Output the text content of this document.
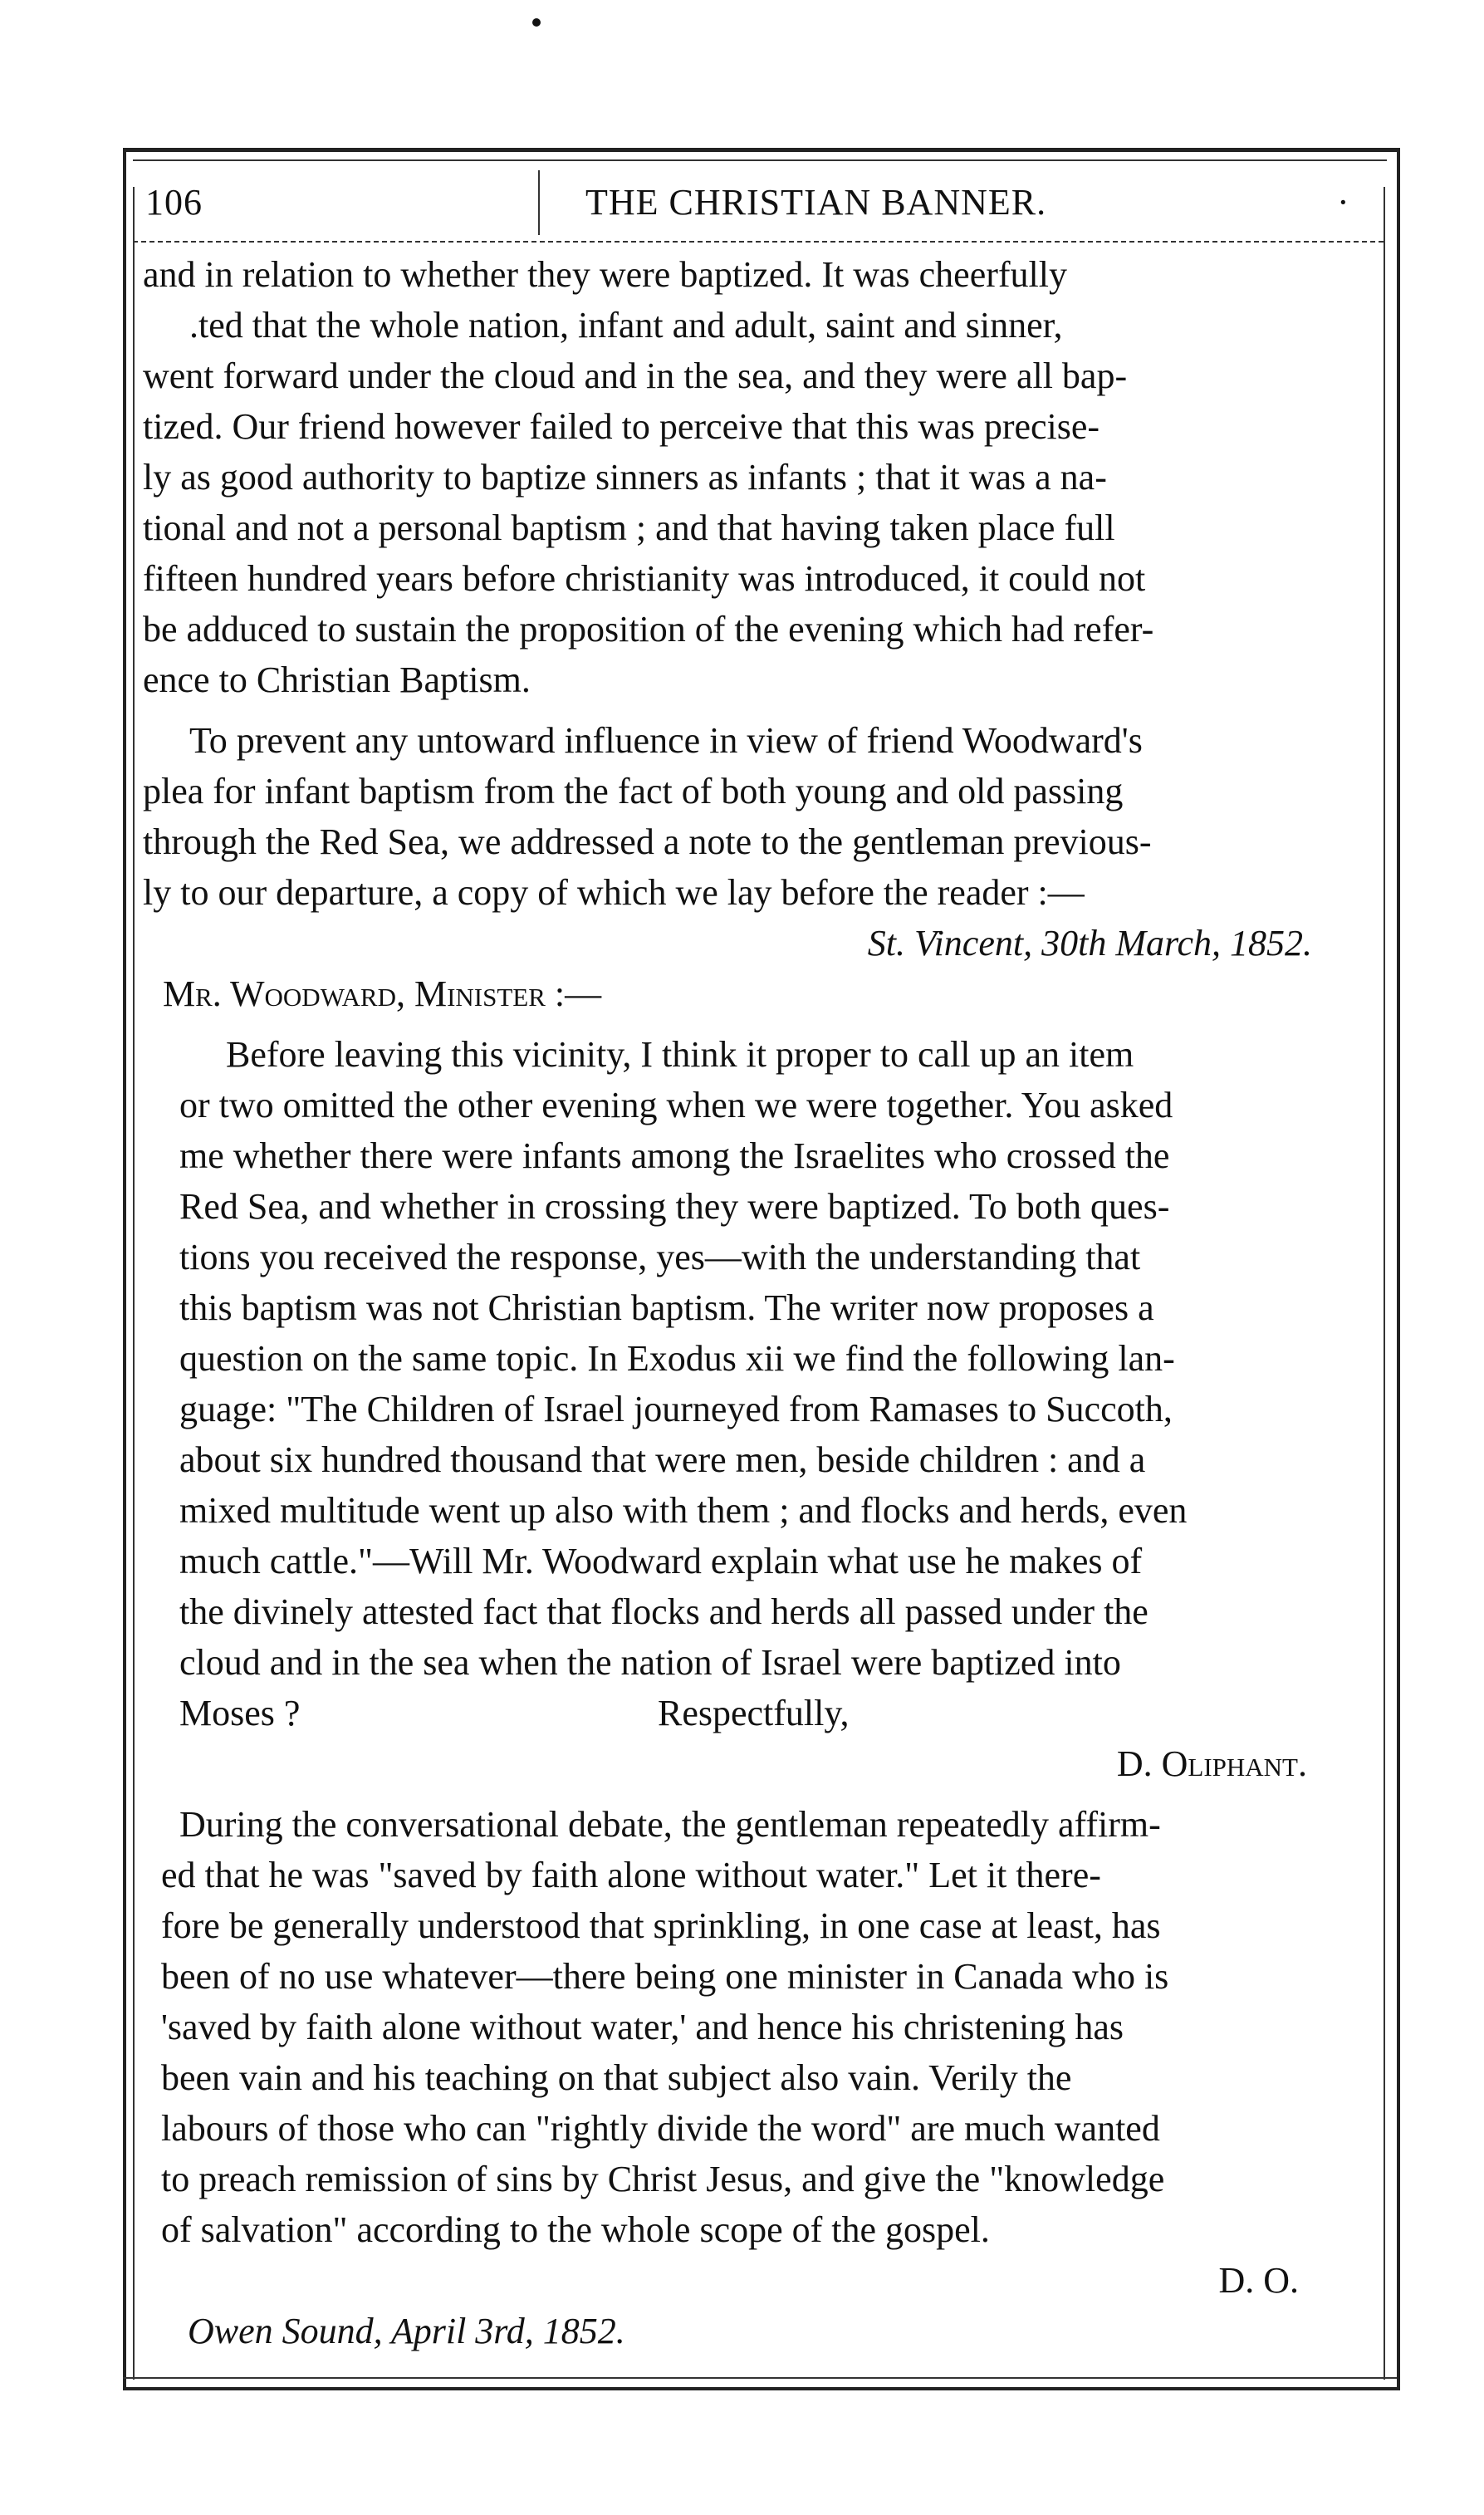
106	THE CHRISTIAN BANNER.	·
and in relation to whether they were baptized. It was cheerfully
.ted that the whole nation, infant and adult, saint and sinner,
went forward under the cloud and in the sea, and they were all bap-
tized. Our friend however failed to perceive that this was precise-
ly as good authority to baptize sinners as infants ; that it was a na-
tional and not a personal baptism ; and that having taken place full
fifteen hundred years before christianity was introduced, it could not
be adduced to sustain the proposition of the evening which had refer-
ence to Christian Baptism.
To prevent any untoward influence in view of friend Woodward's
plea for infant baptism from the fact of both young and old passing
through the Red Sea, we addressed a note to the gentleman previous-
ly to our departure, a copy of which we lay before the reader :—

St. Vincent, 30th March, 1852.

Mr. Woodward, Minister :—

Before leaving this vicinity, I think it proper to call up an item
or two omitted the other evening when we were together. You asked
me whether there were infants among the Israelites who crossed the
Red Sea, and whether in crossing they were baptized. To both ques-
tions you received the response, yes—with the understanding that
this baptism was not Christian baptism. The writer now proposes a
question on the same topic. In Exodus xii we find the following lan-
guage: "The Children of Israel journeyed from Ramases to Succoth,
about six hundred thousand that were men, beside children : and a
mixed multitude went up also with them ; and flocks and herds, even
much cattle."—Will Mr. Woodward explain what use he makes of
the divinely attested fact that flocks and herds all passed under the
cloud and in the sea when the nation of Israel were baptized into
Moses ?	Respectfully,

D. Oliphant.

During the conversational debate, the gentleman repeatedly affirm-
ed that he was "saved by faith alone without water." Let it there-
fore be generally understood that sprinkling, in one case at least, has
been of no use whatever—there being one minister in Canada who is
'saved by faith alone without water,' and hence his christening has
been vain and his teaching on that subject also vain. Verily the
labours of those who can "rightly divide the word" are much wanted
to preach remission of sins by Christ Jesus, and give the "knowledge
of salvation" according to the whole scope of the gospel.

D. O.

Owen Sound, April 3rd, 1852.
